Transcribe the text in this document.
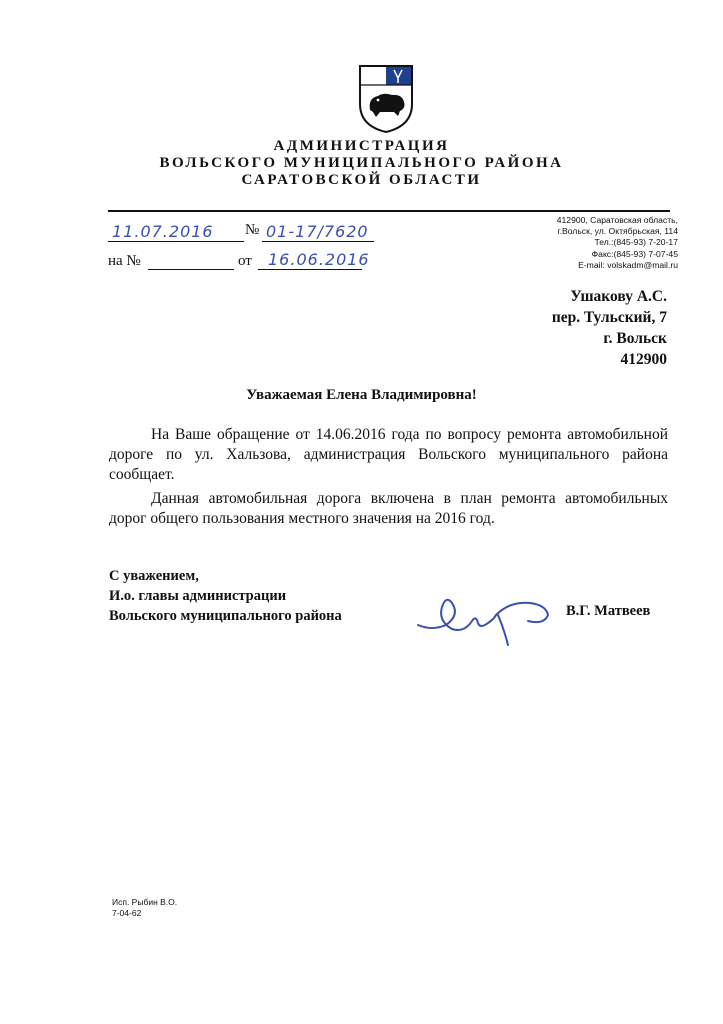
АДМИНИСТРАЦИЯ
ВОЛЬСКОГО МУНИЦИПАЛЬНОГО РАЙОНА
САРАТОВСКОЙ ОБЛАСТИ
11.07.2016 № 01-17/7620
на №	от 16.06.2016
412900, Саратовская область,
г.Вольск, ул. Октябрьская, 114
Тел.:(845-93) 7-20-17
Факс:(845-93) 7-07-45
E-mail: volskadm@mail.ru
Ушакову А.С.
пер. Тульский, 7
г. Вольск
412900
Уважаемая Елена Владимировна!

На Ваше обращение от 14.06.2016 года по вопросу ремонта автомобильной дороге по ул. Хальзова, администрация Вольского муниципального района сообщает.

Данная автомобильная дорога включена в план ремонта автомобильных дорог общего пользования местного значения на 2016 год.

С уважением,
И.о. главы администрации
Вольского муниципального района	В.Г. Матвеев
Исп. Рыбин В.О.
7-04-62
